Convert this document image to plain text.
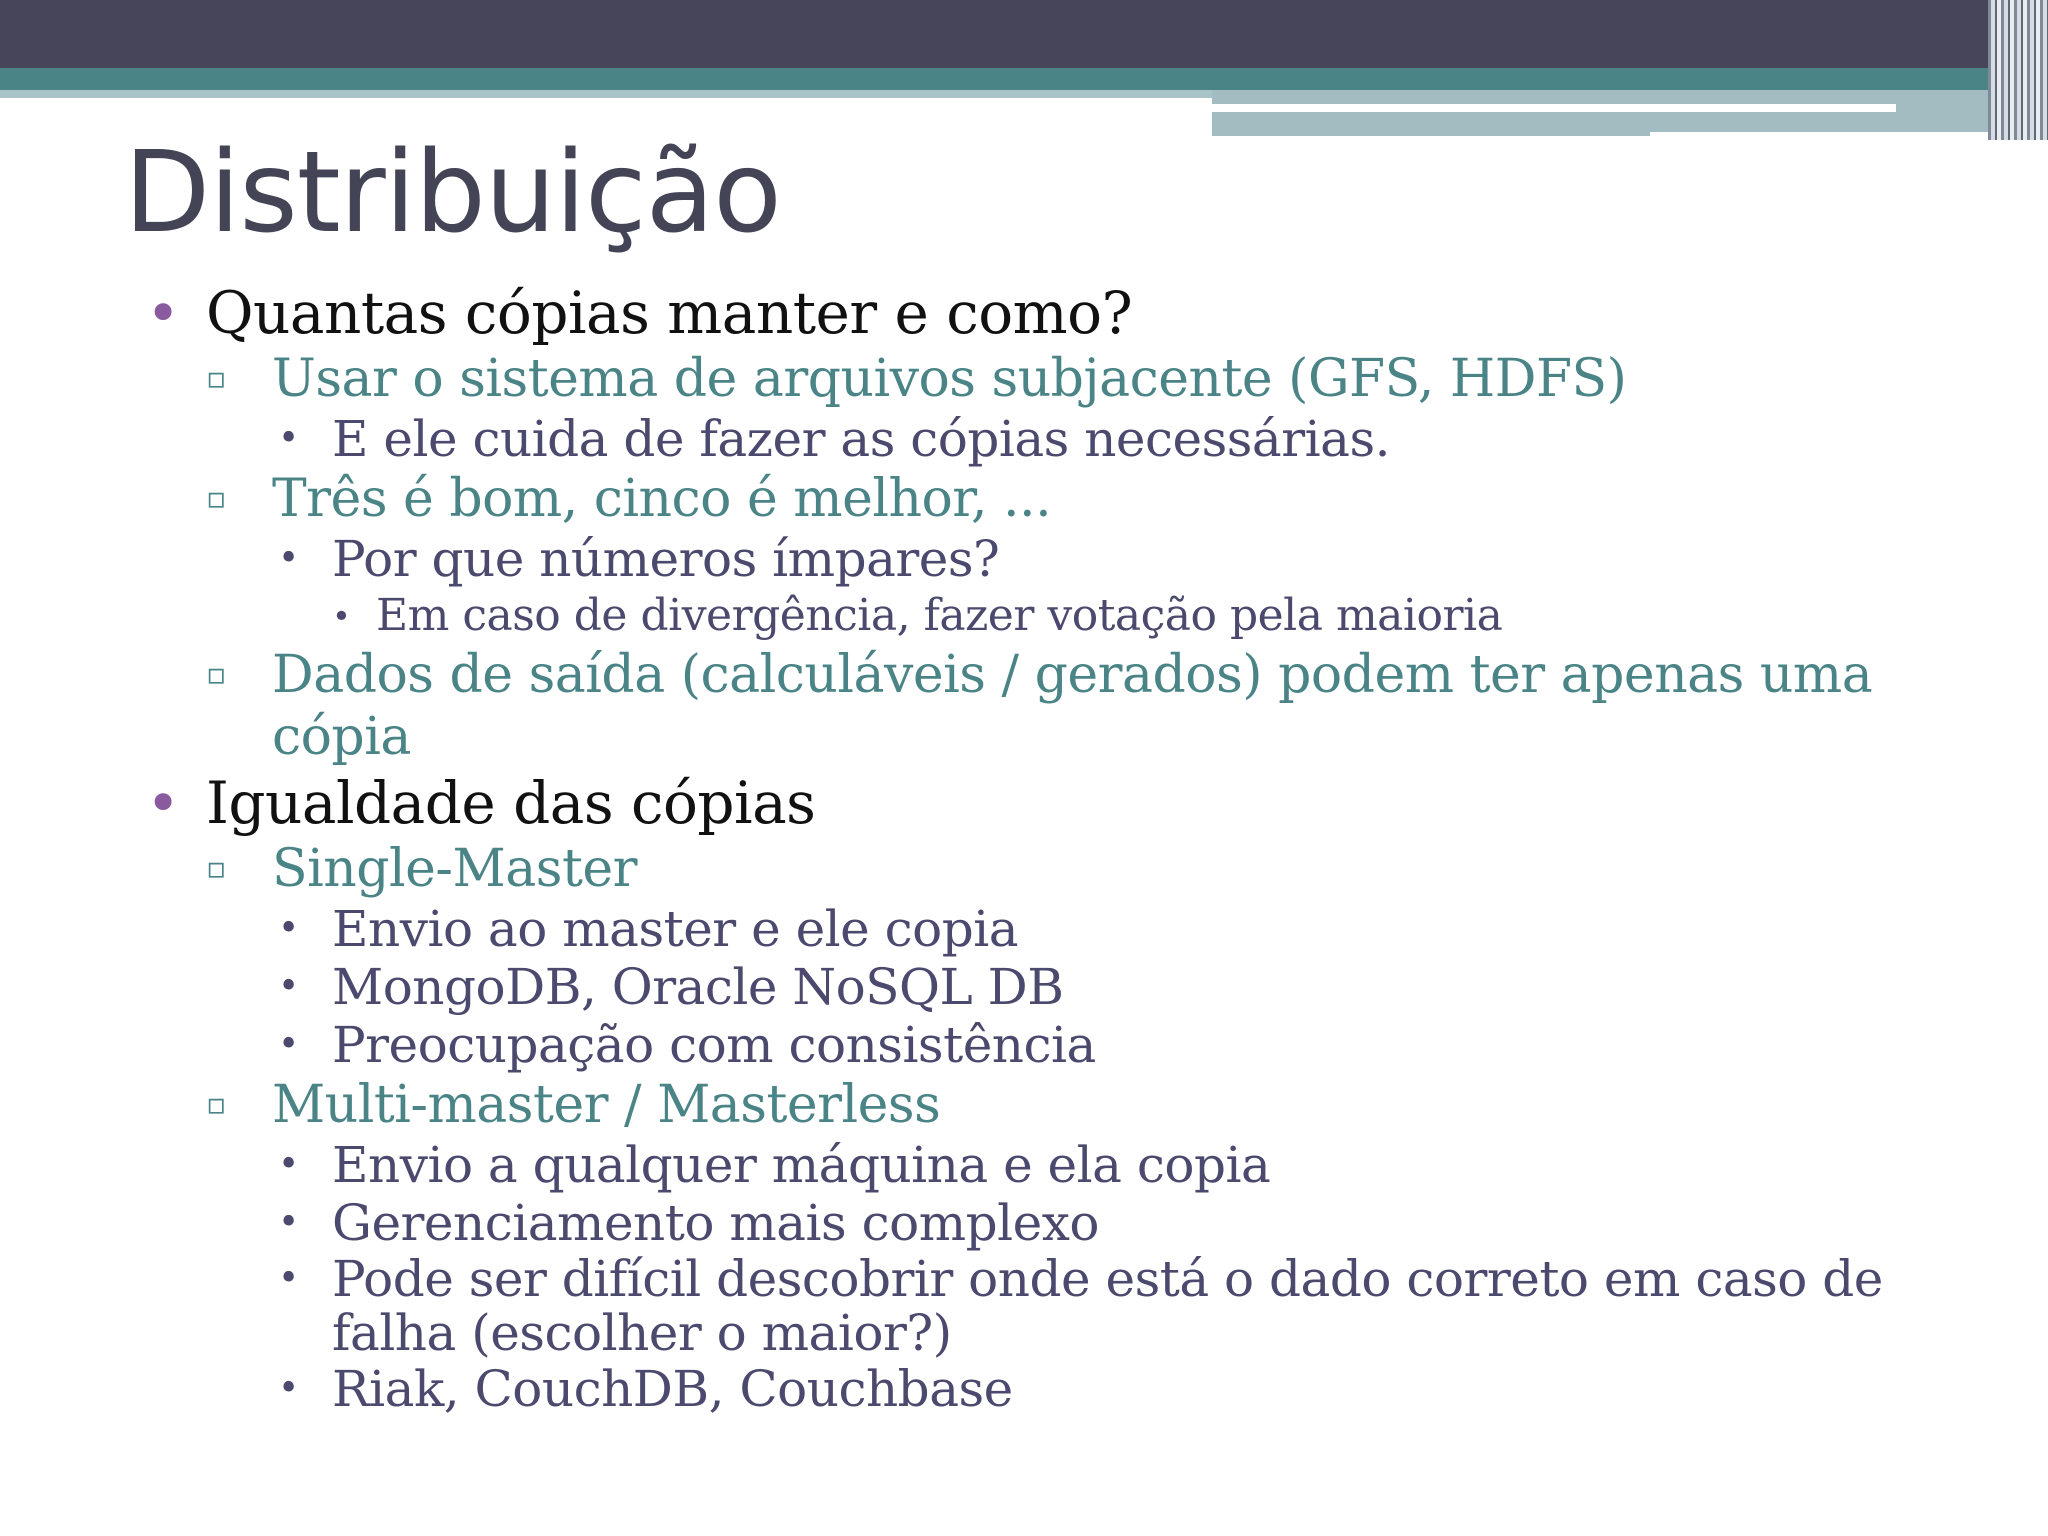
Distribuição
• Quantas cópias manter e como?
▫ Usar o sistema de arquivos subjacente (GFS, HDFS)
• E ele cuida de fazer as cópias necessárias.
▫ Três é bom, cinco é melhor, ...
• Por que números ímpares?
• Em caso de divergência, fazer votação pela maioria
▫ Dados de saída (calculáveis / gerados) podem ter apenas uma cópia
• Igualdade das cópias
▫ Single-Master
• Envio ao master e ele copia
• MongoDB, Oracle NoSQL DB
• Preocupação com consistência
▫ Multi-master / Masterless
• Envio a qualquer máquina e ela copia
• Gerenciamento mais complexo
• Pode ser difícil descobrir onde está o dado correto em caso de falha (escolher o maior?)
• Riak, CouchDB, Couchbase
